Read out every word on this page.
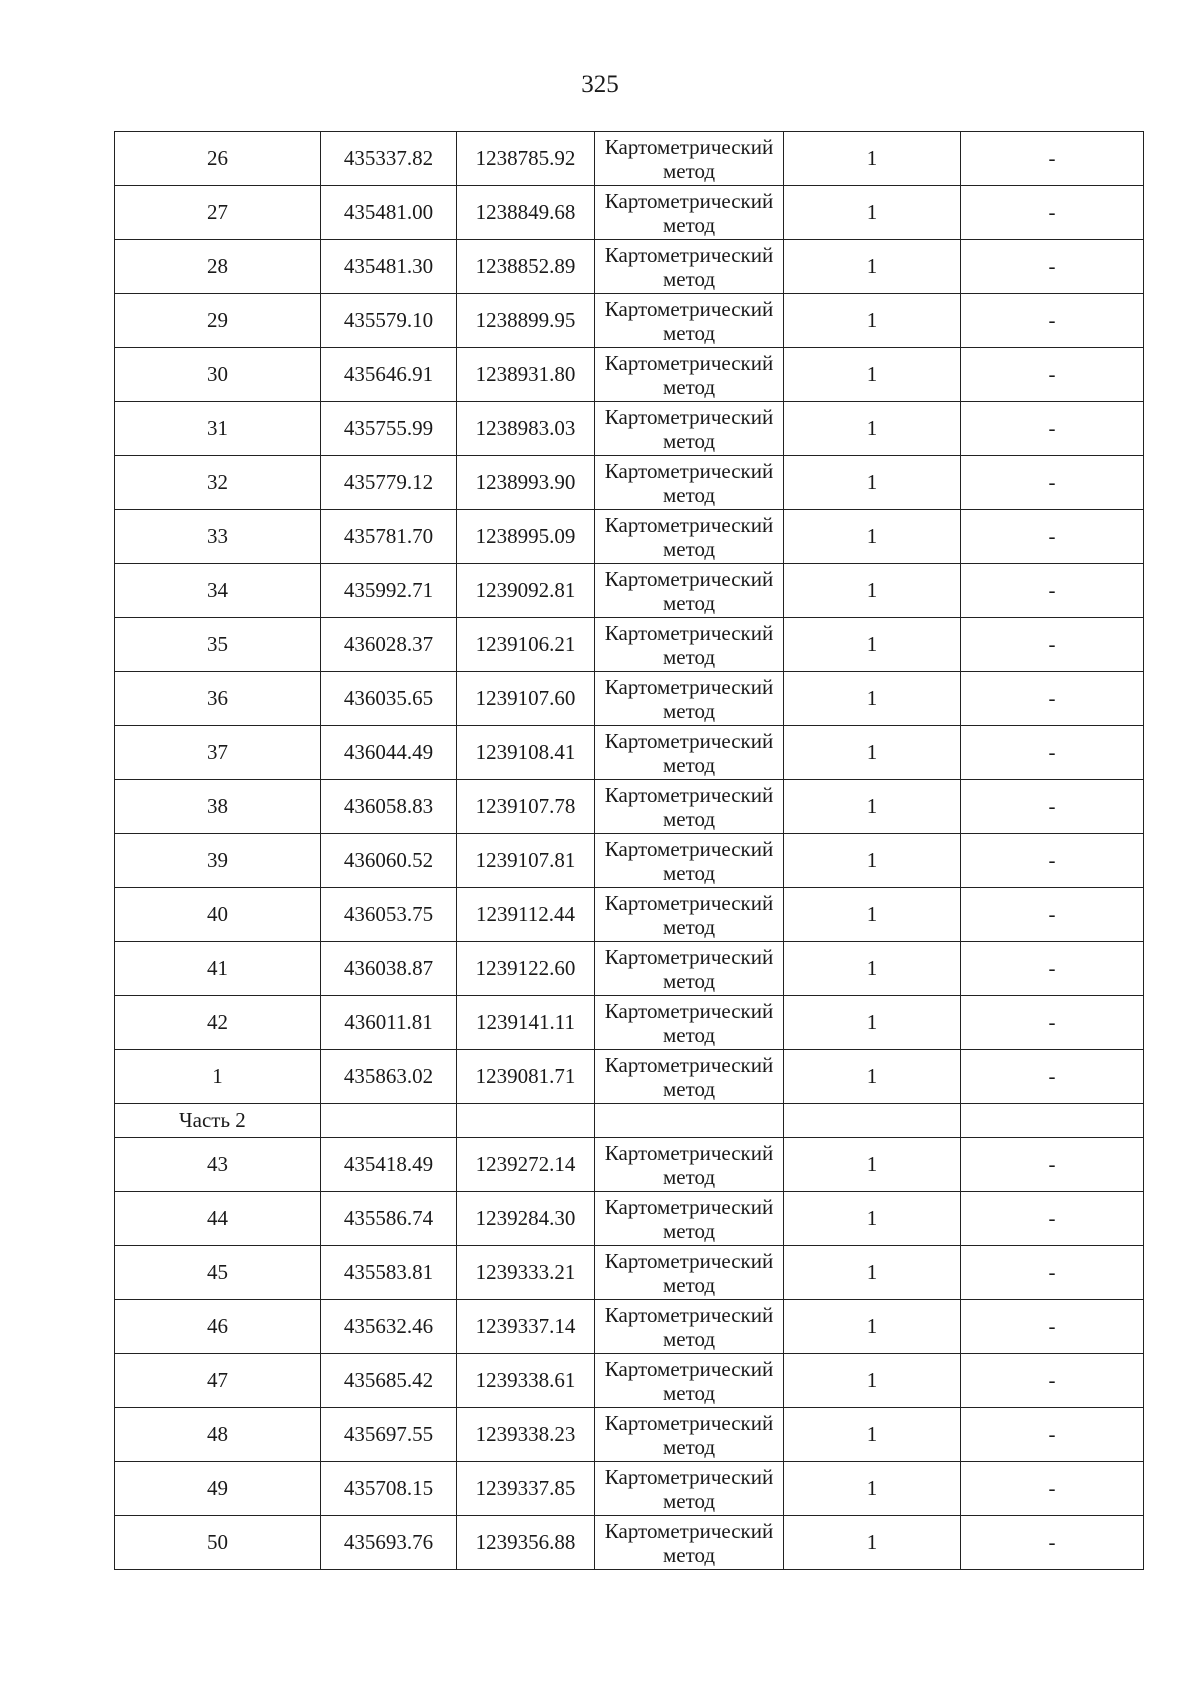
325
26	435337.82	1238785.92	Картометрический метод	1	-
27	435481.00	1238849.68	Картометрический метод	1	-
28	435481.30	1238852.89	Картометрический метод	1	-
29	435579.10	1238899.95	Картометрический метод	1	-
30	435646.91	1238931.80	Картометрический метод	1	-
31	435755.99	1238983.03	Картометрический метод	1	-
32	435779.12	1238993.90	Картометрический метод	1	-
33	435781.70	1238995.09	Картометрический метод	1	-
34	435992.71	1239092.81	Картометрический метод	1	-
35	436028.37	1239106.21	Картометрический метод	1	-
36	436035.65	1239107.60	Картометрический метод	1	-
37	436044.49	1239108.41	Картометрический метод	1	-
38	436058.83	1239107.78	Картометрический метод	1	-
39	436060.52	1239107.81	Картометрический метод	1	-
40	436053.75	1239112.44	Картометрический метод	1	-
41	436038.87	1239122.60	Картометрический метод	1	-
42	436011.81	1239141.11	Картометрический метод	1	-
1	435863.02	1239081.71	Картометрический метод	1	-
Часть 2					
43	435418.49	1239272.14	Картометрический метод	1	-
44	435586.74	1239284.30	Картометрический метод	1	-
45	435583.81	1239333.21	Картометрический метод	1	-
46	435632.46	1239337.14	Картометрический метод	1	-
47	435685.42	1239338.61	Картометрический метод	1	-
48	435697.55	1239338.23	Картометрический метод	1	-
49	435708.15	1239337.85	Картометрический метод	1	-
50	435693.76	1239356.88	Картометрический метод	1	-
